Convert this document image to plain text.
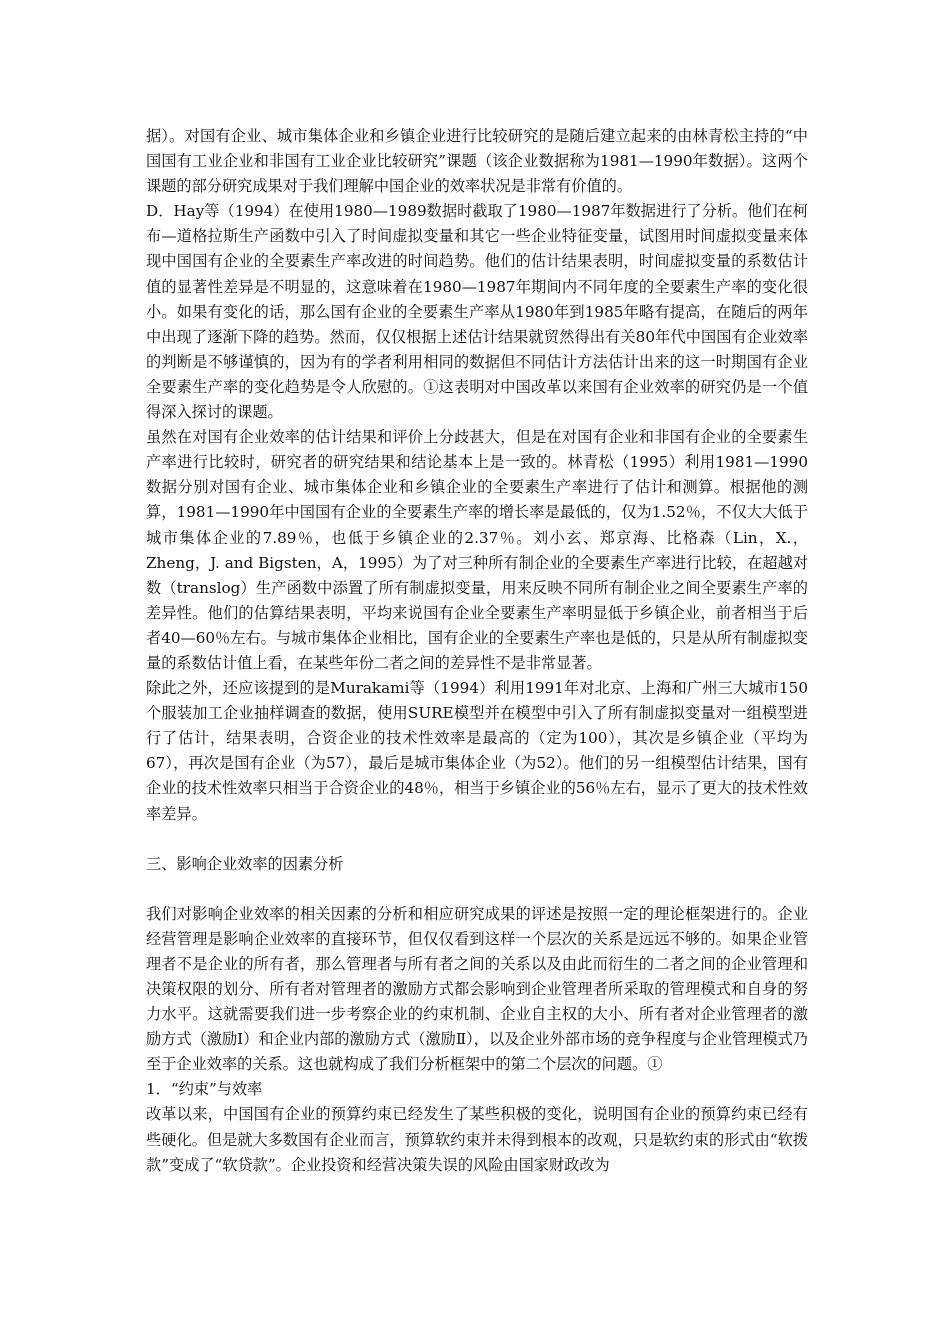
据）。对国有企业、城市集体企业和乡镇企业进行比较研究的是随后建立起来的由林青松主持的“中国国有工业企业和非国有工业企业比较研究”课题（该企业数据称为1981—1990年数据）。这两个课题的部分研究成果对于我们理解中国企业的效率状况是非常有价值的。

D．Hay等（1994）在使用1980—1989数据时截取了1980—1987年数据进行了分析。他们在柯布—道格拉斯生产函数中引入了时间虚拟变量和其它一些企业特征变量，试图用时间虚拟变量来体现中国国有企业的全要素生产率改进的时间趋势。他们的估计结果表明，时间虚拟变量的系数估计值的显著性差异是不明显的，这意味着在1980—1987年期间内不同年度的全要素生产率的变化很小。如果有变化的话，那么国有企业的全要素生产率从1980年到1985年略有提高，在随后的两年中出现了逐渐下降的趋势。然而，仅仅根据上述估计结果就贸然得出有关80年代中国国有企业效率的判断是不够谨慎的，因为有的学者利用相同的数据但不同估计方法估计出来的这一时期国有企业全要素生产率的变化趋势是令人欣慰的。①这表明对中国改革以来国有企业效率的研究仍是一个值得深入探讨的课题。

虽然在对国有企业效率的估计结果和评价上分歧甚大，但是在对国有企业和非国有企业的全要素生产率进行比较时，研究者的研究结果和结论基本上是一致的。林青松（1995）利用1981—1990数据分别对国有企业、城市集体企业和乡镇企业的全要素生产率进行了估计和测算。根据他的测算，1981—1990年中国国有企业的全要素生产率的增长率是最低的，仅为1.52％，不仅大大低于城市集体企业的7.89％，也低于乡镇企业的2.37％。刘小玄、郑京海、比格森（Lin，X.，Zheng，J. and Bigsten，A，1995）为了对三种所有制企业的全要素生产率进行比较，在超越对数（translog）生产函数中添置了所有制虚拟变量，用来反映不同所有制企业之间全要素生产率的差异性。他们的估算结果表明，平均来说国有企业全要素生产率明显低于乡镇企业，前者相当于后者40—60％左右。与城市集体企业相比，国有企业的全要素生产率也是低的，只是从所有制虚拟变量的系数估计值上看，在某些年份二者之间的差异性不是非常显著。

除此之外，还应该提到的是Murakami等（1994）利用1991年对北京、上海和广州三大城市150个服装加工企业抽样调查的数据，使用SURE模型并在模型中引入了所有制虚拟变量对一组模型进行了估计，结果表明，合资企业的技术性效率是最高的（定为100），其次是乡镇企业（平均为67），再次是国有企业（为57），最后是城市集体企业（为52）。他们的另一组模型估计结果，国有企业的技术性效率只相当于合资企业的48％，相当于乡镇企业的56％左右，显示了更大的技术性效率差异。

三、影响企业效率的因素分析

我们对影响企业效率的相关因素的分析和相应研究成果的评述是按照一定的理论框架进行的。企业经营管理是影响企业效率的直接环节，但仅仅看到这样一个层次的关系是远远不够的。如果企业管理者不是企业的所有者，那么管理者与所有者之间的关系以及由此而衍生的二者之间的企业管理和决策权限的划分、所有者对管理者的激励方式都会影响到企业管理者所采取的管理模式和自身的努力水平。这就需要我们进一步考察企业的约束机制、企业自主权的大小、所有者对企业管理者的激励方式（激励Ⅰ）和企业内部的激励方式（激励Ⅱ），以及企业外部市场的竞争程度与企业管理模式乃至于企业效率的关系。这也就构成了我们分析框架中的第二个层次的问题。①

1．“约束”与效率

改革以来，中国国有企业的预算约束已经发生了某些积极的变化，说明国有企业的预算约束已经有些硬化。但是就大多数国有企业而言，预算软约束并未得到根本的改观，只是软约束的形式由“软拨款”变成了“软贷款”。企业投资和经营决策失误的风险由国家财政改为
